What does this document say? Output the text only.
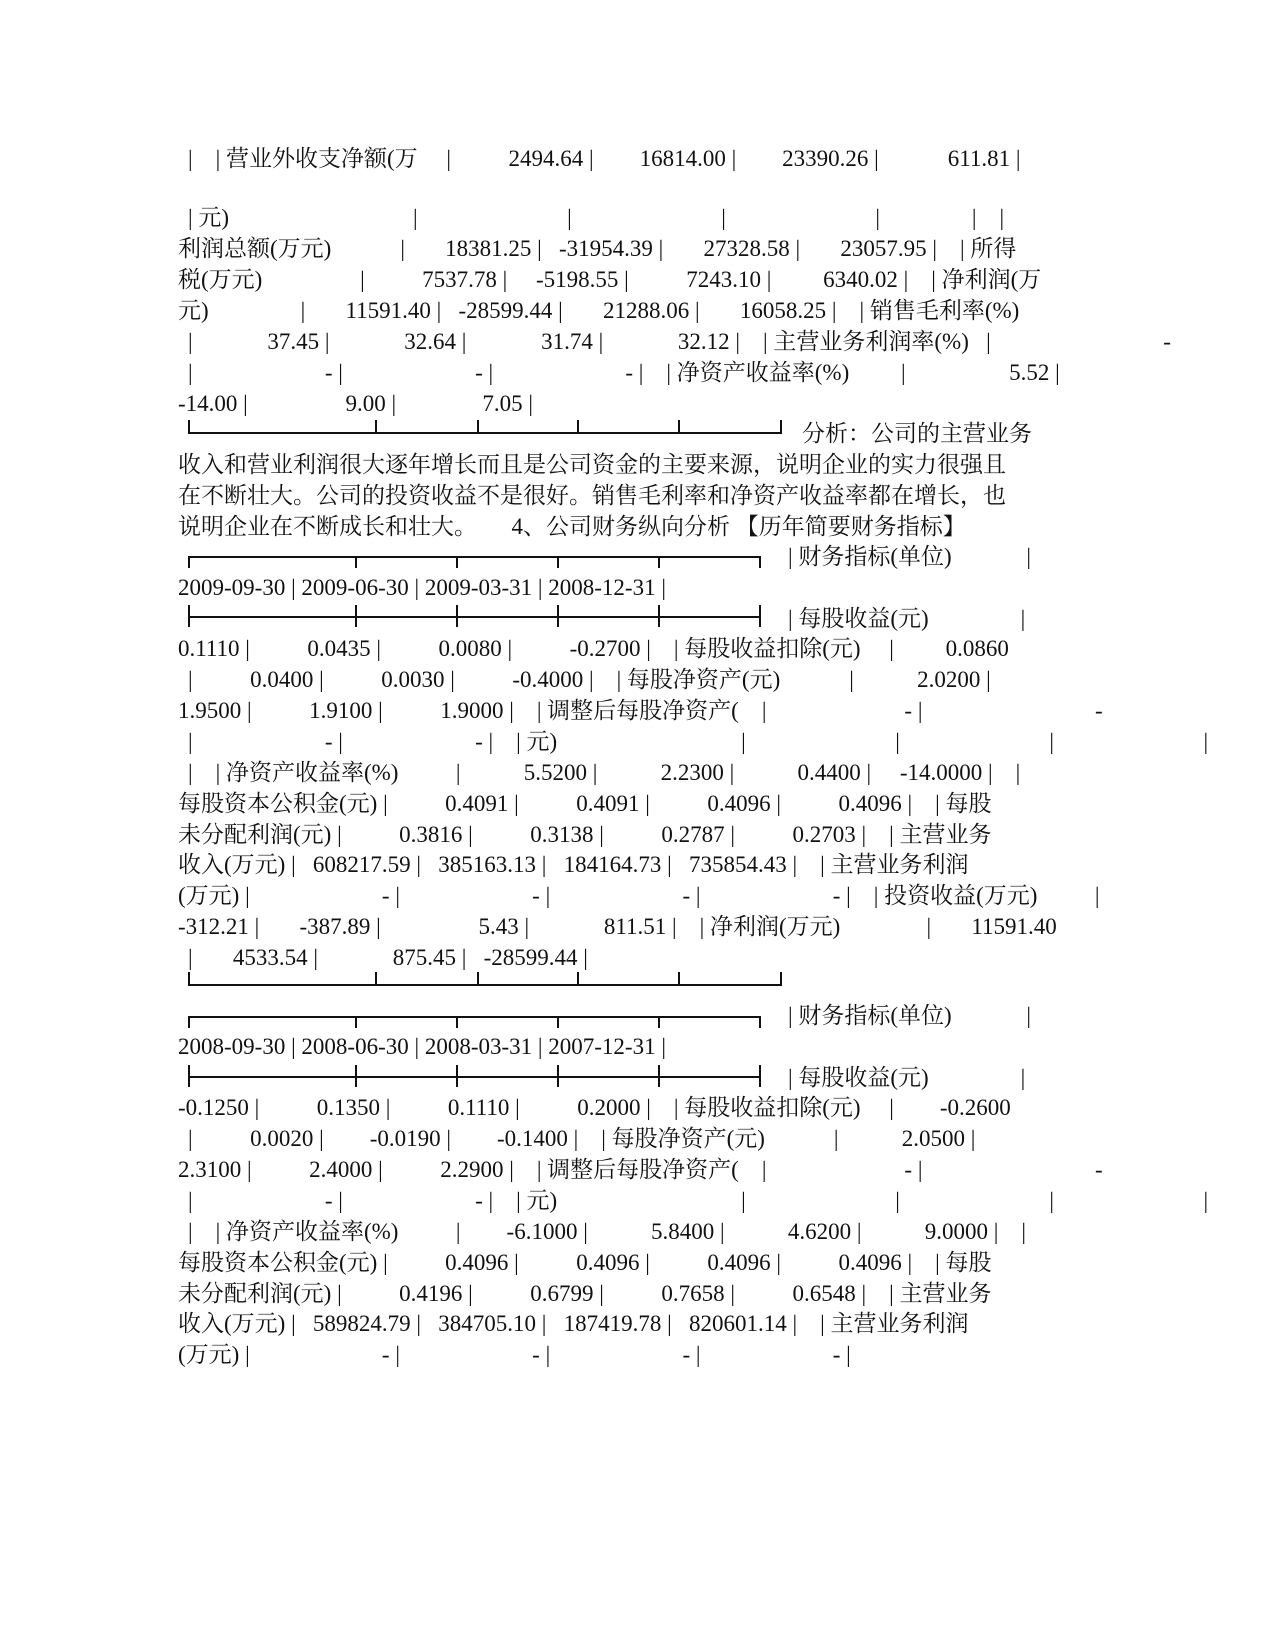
|    | 营业外收支净额(万     |          2494.64 |        16814.00 |        23390.26 |            611.81 |
| 元)                                |                          |                          |                          |                |    |
利润总额(万元)            |       18381.25 |   -31954.39 |       27328.58 |       23057.95 |    | 所得
税(万元)                 |          7537.78 |     -5198.55 |          7243.10 |         6340.02 |    | 净利润(万
元)                |       11591.40 |   -28599.44 |       21288.06 |       16058.25 |    | 销售毛利率(%)
|             37.45 |             32.64 |             31.74 |             32.12 |    | 主营业务利润率(%)   |                              -
|                       - |                       - |                       - |    | 净资产收益率(%)         |                  5.52 |
-14.00 |                 9.00 |               7.05 |
分析：公司的主营业务
收入和营业利润很大逐年增长而且是公司资金的主要来源，说明企业的实力很强且
在不断壮大。公司的投资收益不是很好。销售毛利率和净资产收益率都在增长，也
说明企业在不断成长和壮大。      4、公司财务纵向分析 【历年简要财务指标】
| 财务指标(单位)             |
2009-09-30 | 2009-06-30 | 2009-03-31 | 2008-12-31 |
| 每股收益(元)                |
0.1110 |          0.0435 |          0.0080 |          -0.2700 |    | 每股收益扣除(元)     |         0.0860
|          0.0400 |          0.0030 |          -0.4000 |    | 每股净资产(元)            |           2.0200 |
1.9500 |          1.9100 |          1.9000 |    | 调整后每股净资产(    |                        - |                              -
|                       - |                       - |    | 元)                                |                          |                          |                          |
|    | 净资产收益率(%)          |           5.5200 |           2.2300 |           0.4400 |     -14.0000 |    |
每股资本公积金(元) |          0.4091 |          0.4091 |          0.4096 |          0.4096 |    | 每股
未分配利润(元) |          0.3816 |          0.3138 |          0.2787 |          0.2703 |    | 主营业务
收入(万元) |   608217.59 |   385163.13 |   184164.73 |   735854.43 |    | 主营业务利润
(万元) |                       - |                       - |                       - |                       - |    | 投资收益(万元)          |
-312.21 |       -387.89 |                 5.43 |             811.51 |    | 净利润(万元)               |       11591.40
|       4533.54 |             875.45 |   -28599.44 |
| 财务指标(单位)             |
2008-09-30 | 2008-06-30 | 2008-03-31 | 2007-12-31 |
| 每股收益(元)                |
-0.1250 |          0.1350 |          0.1110 |          0.2000 |    | 每股收益扣除(元)     |        -0.2600
|          0.0020 |        -0.0190 |        -0.1400 |    | 每股净资产(元)            |           2.0500 |
2.3100 |          2.4000 |          2.2900 |    | 调整后每股净资产(    |                        - |                              -
|                       - |                       - |    | 元)                                |                          |                          |                          |
|    | 净资产收益率(%)          |        -6.1000 |           5.8400 |           4.6200 |           9.0000 |    |
每股资本公积金(元) |          0.4096 |          0.4096 |          0.4096 |          0.4096 |    | 每股
未分配利润(元) |          0.4196 |          0.6799 |          0.7658 |          0.6548 |    | 主营业务
收入(万元) |   589824.79 |   384705.10 |   187419.78 |   820601.14 |    | 主营业务利润
(万元) |                       - |                       - |                       - |                       - |
